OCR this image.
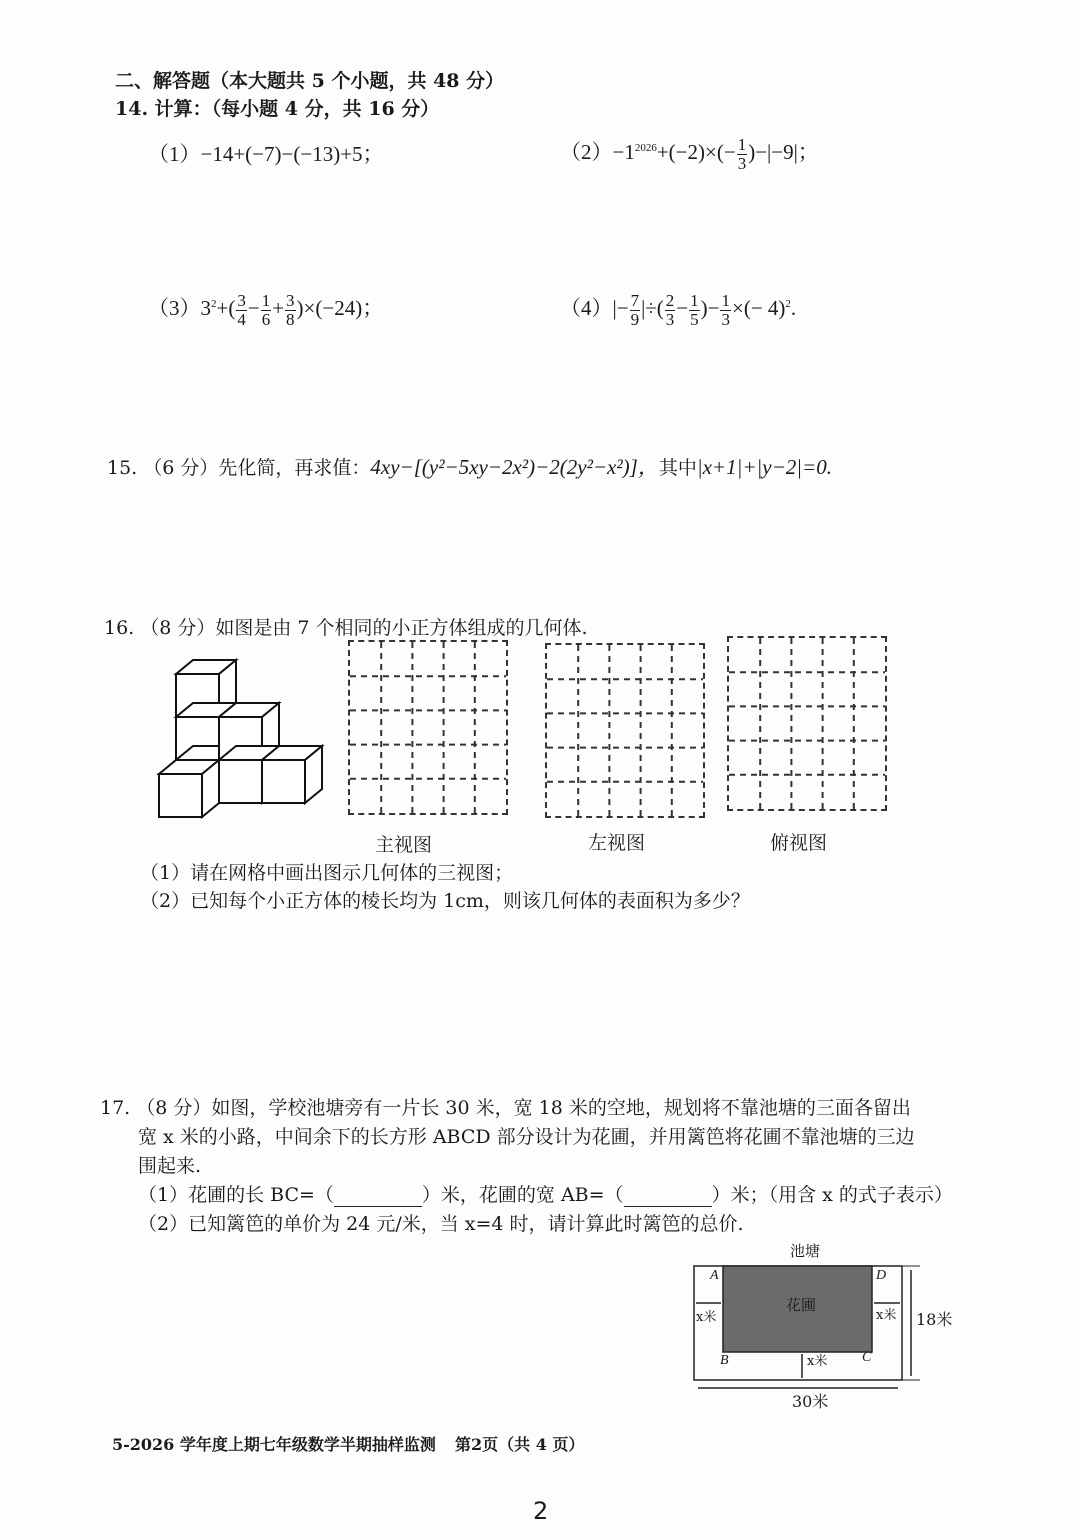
二、解答题（本大题共 5 个小题，共 48 分）
14. 计算：（每小题 4 分，共 16 分）
（1）−14+(−7)−(−13)+5；	$(2)-1^{2026}+(-2)\times(- \frac{1}{3} )-|-9|$；
$(3)3^2+( \frac{3}{4} - \frac{1}{6} + \frac{3}{8} )\times(-24)$；	$(4)|- \frac{7}{9}$ |÷( $\frac{2}{3} - \frac{1}{5}$ )− $\frac{1}{3}$ ×(− 4)$^2$.
15. （6 分）先化简，再求值：4xy−[(y²−5xy−2x²)−2(2y²−x²)]，其中|x+1|+|y−2|=0.
16. （8 分）如图是由 7 个相同的小正方体组成的几何体.
主视图	左视图	俯视图
（1）请在网格中画出图示几何体的三视图；
（2）已知每个小正方体的棱长均为 1cm，则该几何体的表面积为多少？
17. （8 分）如图，学校池塘旁有一片长 30 米，宽 18 米的空地，规划将不靠池塘的三面各留出
宽 x 米的小路，中间余下的长方形 ABCD 部分设计为花圃，并用篱笆将花圃不靠池塘的三边
围起来.
（1）花圃的长 BC=（	）米，花圃的宽 AB=（	）米；（用含 x 的式子表示）
（2）已知篱笆的单价为 24 元/米，当 x=4 时，请计算此时篱笆的总价.
池塘
花圃
A	D
B	C
x米	x米
x米
18米
30米
5-2026 学年度上期七年级数学半期抽样监测 第2页（共 4 页）
2
